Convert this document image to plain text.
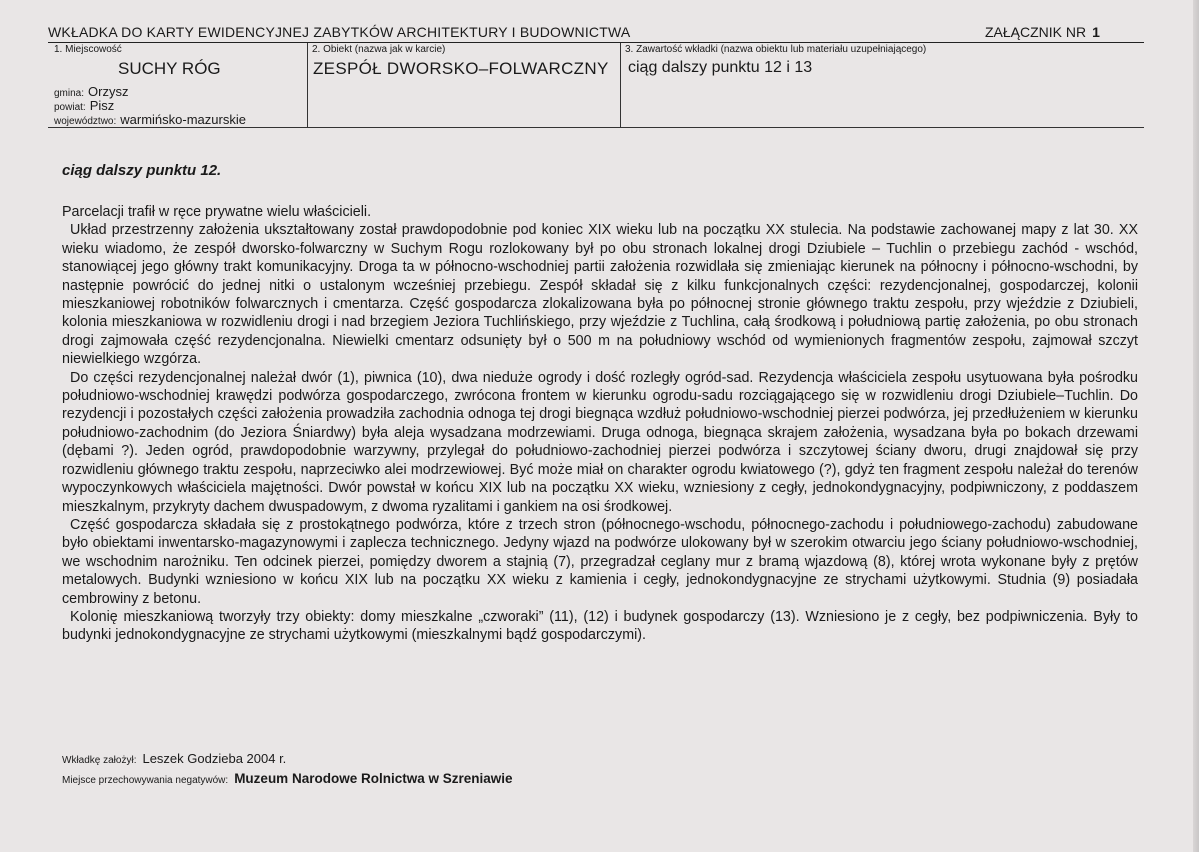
WKŁADKA DO KARTY EWIDENCYJNEJ ZABYTKÓW ARCHITEKTURY I BUDOWNICTWA	ZAŁĄCZNIK NR 1
1. Miejscowość
SUCHY RÓG
gmina: Orzysz
powiat: Pisz
województwo: warmińsko-mazurskie
2. Obiekt (nazwa jak w karcie)
ZESPÓŁ DWORSKO–FOLWARCZNY
3. Zawartość wkładki (nazwa obiektu lub materiału uzupełniającego)
ciąg dalszy punktu 12 i 13
ciąg dalszy punktu 12.

Parcelacji trafił w ręce prywatne wielu właścicieli.

Układ przestrzenny założenia ukształtowany został prawdopodobnie pod koniec XIX wieku lub na początku XX stulecia. Na podstawie zachowanej mapy z lat 30. XX wieku wiadomo, że zespół dworsko-folwarczny w Suchym Rogu rozlokowany był po obu stronach lokalnej drogi Dziubiele – Tuchlin o przebiegu zachód - wschód, stanowiącej jego główny trakt komunikacyjny. Droga ta w północno-wschodniej partii założenia rozwidlała się zmieniając kierunek na północny i północno-wschodni, by następnie powrócić do jednej nitki o ustalonym wcześniej przebiegu. Zespół składał się z kilku funkcjonalnych części: rezydencjonalnej, gospodarczej, kolonii mieszkaniowej robotników folwarcznych i cmentarza. Część gospodarcza zlokalizowana była po północnej stronie głównego traktu zespołu, przy wjeździe z Dziubieli, kolonia mieszkaniowa w rozwidleniu drogi i nad brzegiem Jeziora Tuchlińskiego, przy wjeździe z Tuchlina, całą środkową i południową partię założenia, po obu stronach drogi zajmowała część rezydencjonalna. Niewielki cmentarz odsunięty był o 500 m na południowy wschód od wymienionych fragmentów zespołu, zajmował szczyt niewielkiego wzgórza.

Do części rezydencjonalnej należał dwór (1), piwnica (10), dwa nieduże ogrody i dość rozległy ogród-sad. Rezydencja właściciela zespołu usytuowana była pośrodku południowo-wschodniej krawędzi podwórza gospodarczego, zwrócona frontem w kierunku ogrodu-sadu rozciągającego się w rozwidleniu drogi Dziubiele–Tuchlin. Do rezydencji i pozostałych części założenia prowadziła zachodnia odnoga tej drogi biegnąca wzdłuż południowo-wschodniej pierzei podwórza, jej przedłużeniem w kierunku południowo-zachodnim (do Jeziora Śniardwy) była aleja wysadzana modrzewiami. Druga odnoga, biegnąca skrajem założenia, wysadzana była po bokach drzewami (dębami ?). Jeden ogród, prawdopodobnie warzywny, przylegał do południowo-zachodniej pierzei podwórza i szczytowej ściany dworu, drugi znajdował się przy rozwidleniu głównego traktu zespołu, naprzeciwko alei modrzewiowej. Być może miał on charakter ogrodu kwiatowego (?), gdyż ten fragment zespołu należał do terenów wypoczynkowych właściciela majętności. Dwór powstał w końcu XIX lub na początku XX wieku, wzniesiony z cegły, jednokondygnacyjny, podpiwniczony, z poddaszem mieszkalnym, przykryty dachem dwuspadowym, z dwoma ryzalitami i gankiem na osi środkowej.

Część gospodarcza składała się z prostokątnego podwórza, które z trzech stron (północnego-wschodu, północnego-zachodu i południowego-zachodu) zabudowane było obiektami inwentarsko-magazynowymi i zaplecza technicznego. Jedyny wjazd na podwórze ulokowany był w szerokim otwarciu jego ściany południowo-wschodniej, we wschodnim narożniku. Ten odcinek pierzei, pomiędzy dworem a stajnią (7), przegradzał ceglany mur z bramą wjazdową (8), której wrota wykonane były z prętów metalowych. Budynki wzniesiono w końcu XIX lub na początku XX wieku z kamienia i cegły, jednokondygnacyjne ze strychami użytkowymi. Studnia (9) posiadała cembrowiny z betonu.

Kolonię mieszkaniową tworzyły trzy obiekty: domy mieszkalne „czworaki” (11), (12) i budynek gospodarczy (13). Wzniesiono je z cegły, bez podpiwniczenia. Były to budynki jednokondygnacyjne ze strychami użytkowymi (mieszkalnymi bądź gospodarczymi).

Wkładkę założył: Leszek Godzieba 2004 r.
Miejsce przechowywania negatywów: Muzeum Narodowe Rolnictwa w Szreniawie
